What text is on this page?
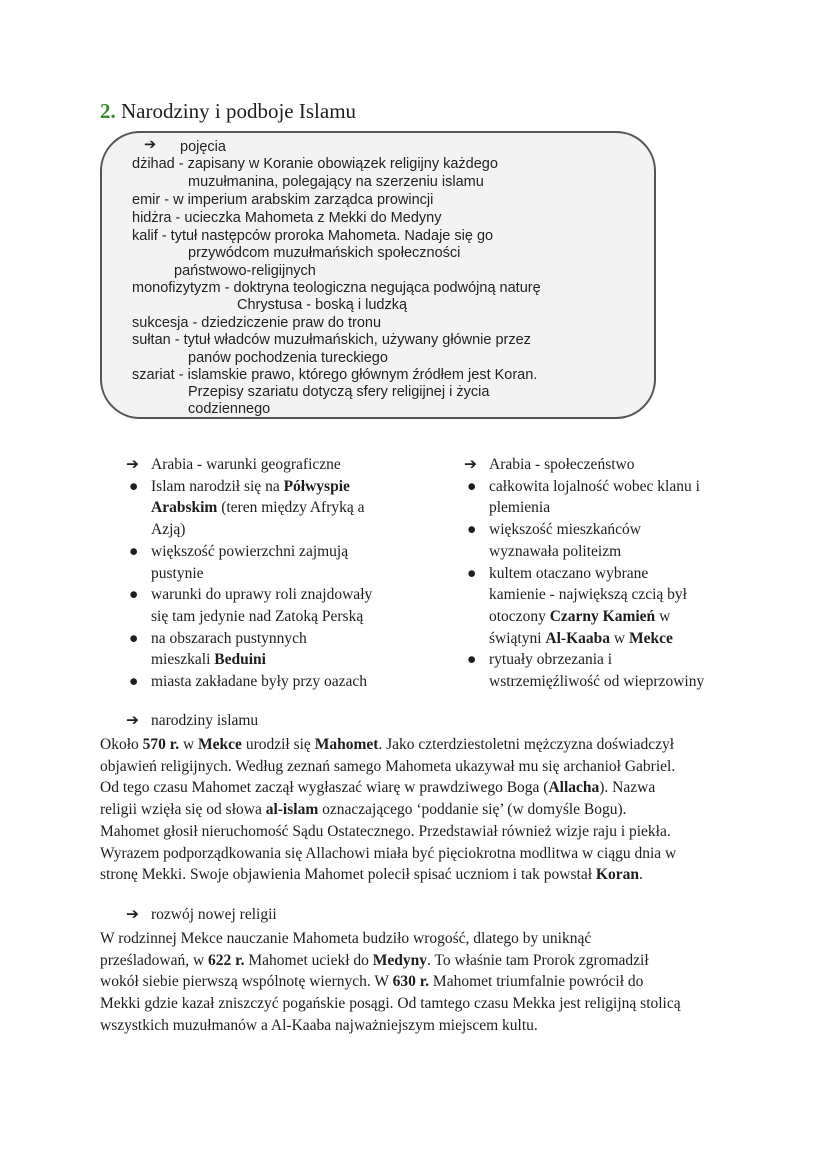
2. Narodziny i podboje Islamu
➔ pojęcia
dżihad - zapisany w Koranie obowiązek religijny każdego
muzułmanina, polegający na szerzeniu islamu
emir - w imperium arabskim zarządca prowincji
hidżra - ucieczka Mahometa z Mekki do Medyny
kalif - tytuł następców proroka Mahometa. Nadaje się go
przywódcom muzułmańskich społeczności
państwowo-religijnych
monofizytyzm - doktryna teologiczna negująca podwójną naturę
Chrystusa - boską i ludzką
sukcesja - dziedziczenie praw do tronu
sułtan - tytuł władców muzułmańskich, używany głównie przez
panów pochodzenia tureckiego
szariat - islamskie prawo, którego głównym źródłem jest Koran.
Przepisy szariatu dotyczą sfery religijnej i życia
codziennego
➔ Arabia - warunki geograficzne
● Islam narodził się na Półwyspie
Arabskim (teren między Afryką a
Azją)
● większość powierzchni zajmują
pustynie
● warunki do uprawy roli znajdowały
się tam jedynie nad Zatoką Perską
● na obszarach pustynnych
mieszkali Beduini
● miasta zakładane były przy oazach
➔ Arabia - społeczeństwo
● całkowita lojalność wobec klanu i
plemienia
● większość mieszkańców
wyznawała politeizm
● kultem otaczano wybrane
kamienie - największą czcią był
otoczony Czarny Kamień w
świątyni Al-Kaaba w Mekce
● rytuały obrzezania i
wstrzemięźliwość od wieprzowiny
➔ narodziny islamu
Około 570 r. w Mekce urodził się Mahomet. Jako czterdziestoletni mężczyzna doświadczył
objawień religijnych. Według zeznań samego Mahometa ukazywał mu się archanioł Gabriel.
Od tego czasu Mahomet zaczął wygłaszać wiarę w prawdziwego Boga (Allacha). Nazwa
religii wzięła się od słowa al-islam oznaczającego ‘poddanie się’ (w domyśle Bogu).
Mahomet głosił nieruchomość Sądu Ostatecznego. Przedstawiał również wizje raju i piekła.
Wyrazem podporządkowania się Allachowi miała być pięciokrotna modlitwa w ciągu dnia w
stronę Mekki. Swoje objawienia Mahomet polecił spisać uczniom i tak powstał Koran.
➔ rozwój nowej religii
W rodzinnej Mekce nauczanie Mahometa budziło wrogość, dlatego by uniknąć
prześladowań, w 622 r. Mahomet uciekł do Medyny. To właśnie tam Prorok zgromadził
wokół siebie pierwszą wspólnotę wiernych. W 630 r. Mahomet triumfalnie powrócił do
Mekki gdzie kazał zniszczyć pogańskie posągi. Od tamtego czasu Mekka jest religijną stolicą
wszystkich muzułmanów a Al-Kaaba najważniejszym miejscem kultu.
